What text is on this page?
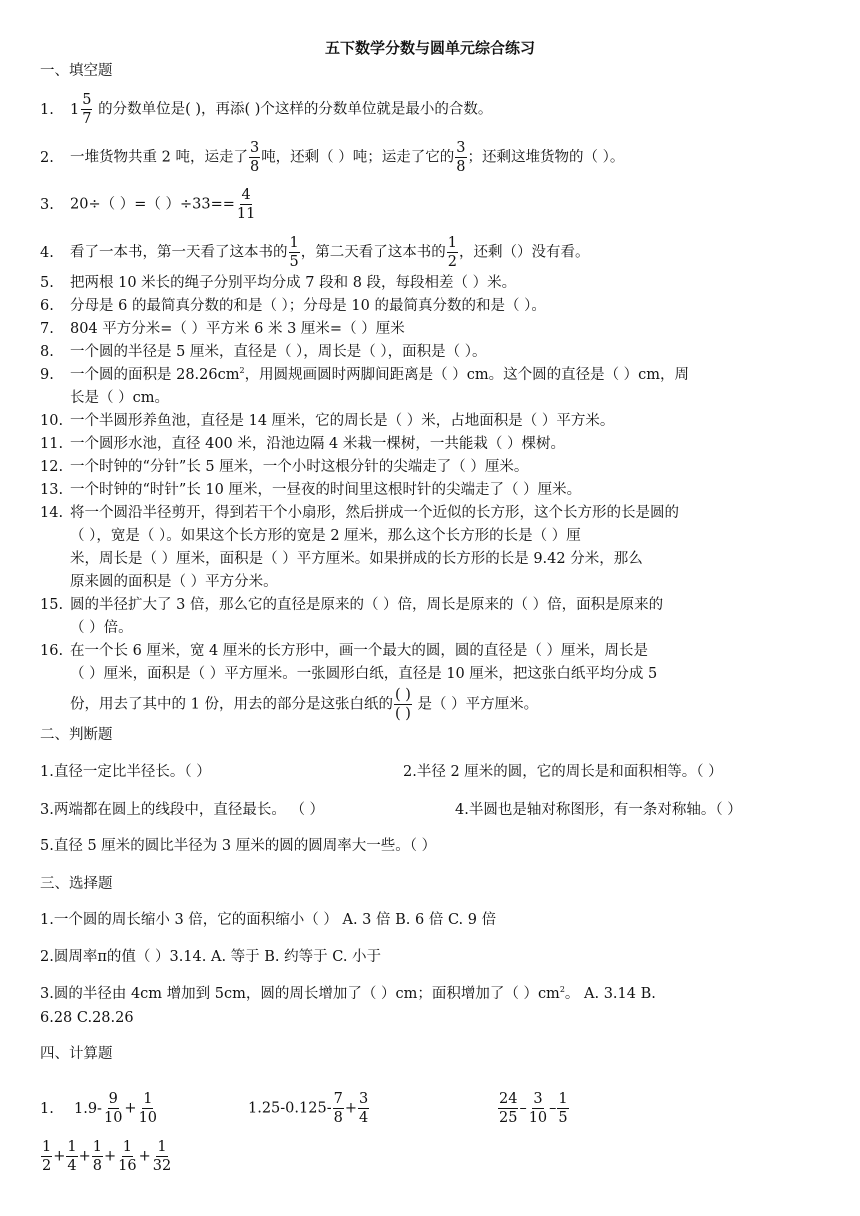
五下数学分数与圆单元综合练习
一、填空题
1. $1 \frac{5}{7}$ 的分数单位是( )，再添( )个这样的分数单位就是最小的合数。
2. 一堆货物共重 2 吨，运走了 $\frac{3}{8}$ 吨，还剩（ ）吨；运走了它的 $\frac{3}{8}$ ；还剩这堆货物的（ ）。
3. 20÷（ ）=（ ）$\div 33== \frac{4}{11}$
4. 看了一本书，第一天看了这本书的 $\frac{1}{5}$ ，第二天看了这本书的 $\frac{1}{2}$ ，还剩（）没有看。
5. 把两根 10 米长的绳子分别平均分成 7 段和 8 段，每段相差（ ）米。
6. 分母是 6 的最简真分数的和是（ ）；分母是 10 的最简真分数的和是（ ）。
7. 804 平方分米=（ ）平方米 6 米 3 厘米=（ ）厘米
8. 一个圆的半径是 5 厘米，直径是（ ），周长是（ ），面积是（ ）。
9. 一个圆的面积是 $28.26cm^2$，用圆规画圆时两脚间距离是（ ）cm。这个圆的直径是（ ）cm，周
长是（ ）cm。
10. 一个半圆形养鱼池，直径是 14 厘米，它的周长是（ ）米，占地面积是（ ）平方米。
11. 一个圆形水池，直径 400 米，沿池边隔 4 米栽一棵树，一共能栽（ ）棵树。
12. 一个时钟的“分针”长 5 厘米，一个小时这根分针的尖端走了（ ）厘米。
13. 一个时钟的“时针”长 10 厘米，一昼夜的时间里这根时针的尖端走了（ ）厘米。
14. 将一个圆沿半径剪开，得到若干个小扇形，然后拼成一个近似的长方形，这个长方形的长是圆的
（ ），宽是（ ）。如果这个长方形的宽是 2 厘米，那么这个长方形的长是（ ）厘
米，周长是（ ）厘米，面积是（ ）平方厘米。如果拼成的长方形的长是 9.42 分米，那么
原来圆的面积是（ ）平方分米。
15. 圆的半径扩大了 3 倍，那么它的直径是原来的（ ）倍，周长是原来的（ ）倍，面积是原来的
（ ）倍。
16. 在一个长 6 厘米，宽 4 厘米的长方形中，画一个最大的圆，圆的直径是（ ）厘米，周长是
（ ）厘米，面积是（ ）平方厘米。一张圆形白纸，直径是 10 厘米，把这张白纸平均分成 5
份，用去了其中的 1 份，用去的部分是这张白纸的 $\frac{( )}{( )}$ 是（ ）平方厘米。
二、判断题
1.直径一定比半径长。（ ）	2.半径 2 厘米的圆，它的周长是和面积相等。（ ）
3.两端都在圆上的线段中，直径最长。 （ ）	4.半圆也是轴对称图形，有一条对称轴。（ ）
5.直径 5 厘米的圆比半径为 3 厘米的圆的圆周率大一些。（ ）
三、选择题
1.一个圆的周长缩小 3 倍，它的面积缩小（ ） A. 3 倍 B. 6 倍 C. 9 倍
2.圆周率π的值（ ）3.14. A. 等于 B. 约等于 C. 小于
3.圆的半径由 4cm 增加到 5cm，圆的周长增加了（ ）cm；面积增加了（ ）$cm^2$。 A. 3.14 B.
6.28 C.28.26
四、计算题
1. $1.9- \frac{9}{10} + \frac{1}{10}$	$1.25-0.125- \frac{7}{8} + \frac{3}{4}$	$\frac{24}{25} - \frac{3}{10} - \frac{1}{5}$
$\frac{1}{2} + \frac{1}{4} + \frac{1}{8} + \frac{1}{16} + \frac{1}{32}$
